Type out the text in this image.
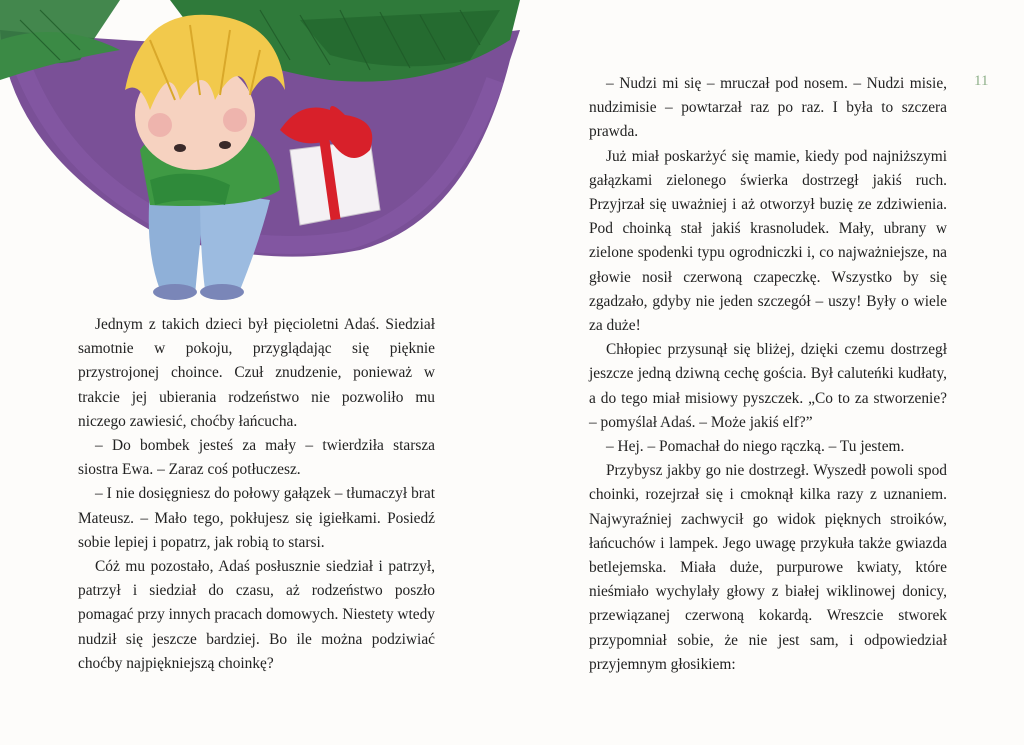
Jednym z takich dzieci był pięcioletni Adaś. Siedział samotnie w pokoju, przyglądając się pięknie przystrojonej choince. Czuł znudzenie, ponieważ w trakcie jej ubierania rodzeństwo nie pozwoliło mu niczego zawiesić, choćby łańcucha.

– Do bombek jesteś za mały – twierdziła starsza siostra Ewa. – Zaraz coś potłuczesz.

– I nie dosięgniesz do połowy gałązek – tłumaczył brat Mateusz. – Mało tego, pokłujesz się igiełkami. Posiedź sobie lepiej i popatrz, jak robią to starsi.

Cóż mu pozostało, Adaś posłusznie siedział i patrzył, patrzył i siedział do czasu, aż rodzeństwo poszło pomagać przy innych pracach domowych. Niestety wtedy nudził się jeszcze bardziej. Bo ile można podziwiać choćby najpiękniejszą choinkę?

– Nudzi mi się – mruczał pod nosem. – Nudzi misie, nudzimisie – powtarzał raz po raz. I była to szczera prawda.

Już miał poskarżyć się mamie, kiedy pod najniższymi gałązkami zielonego świerka dostrzegł jakiś ruch. Przyjrzał się uważniej i aż otworzył buzię ze zdziwienia. Pod choinką stał jakiś krasnoludek. Mały, ubrany w zielone spodenki typu ogrodniczki i, co najważniejsze, na głowie nosił czerwoną czapeczkę. Wszystko by się zgadzało, gdyby nie jeden szczegół – uszy! Były o wiele za duże!

Chłopiec przysunął się bliżej, dzięki czemu dostrzegł jeszcze jedną dziwną cechę gościa. Był caluteńki kudłaty, a do tego miał misiowy pyszczek. „Co to za stworzenie? – pomyślał Adaś. – Może jakiś elf?”

– Hej. – Pomachał do niego rączką. – Tu jestem.

Przybysz jakby go nie dostrzegł. Wyszedł powoli spod choinki, rozejrzał się i cmoknął kilka razy z uznaniem. Najwyraźniej zachwycił go widok pięknych stroików, łańcuchów i lampek. Jego uwagę przykuła także gwiazda betlejemska. Miała duże, purpurowe kwiaty, które nieśmiało wychylały głowy z białej wiklinowej donicy, przewiązanej czerwoną kokardą. Wreszcie stworek przypomniał sobie, że nie jest sam, i odpowiedział przyjemnym głosikiem:

11
